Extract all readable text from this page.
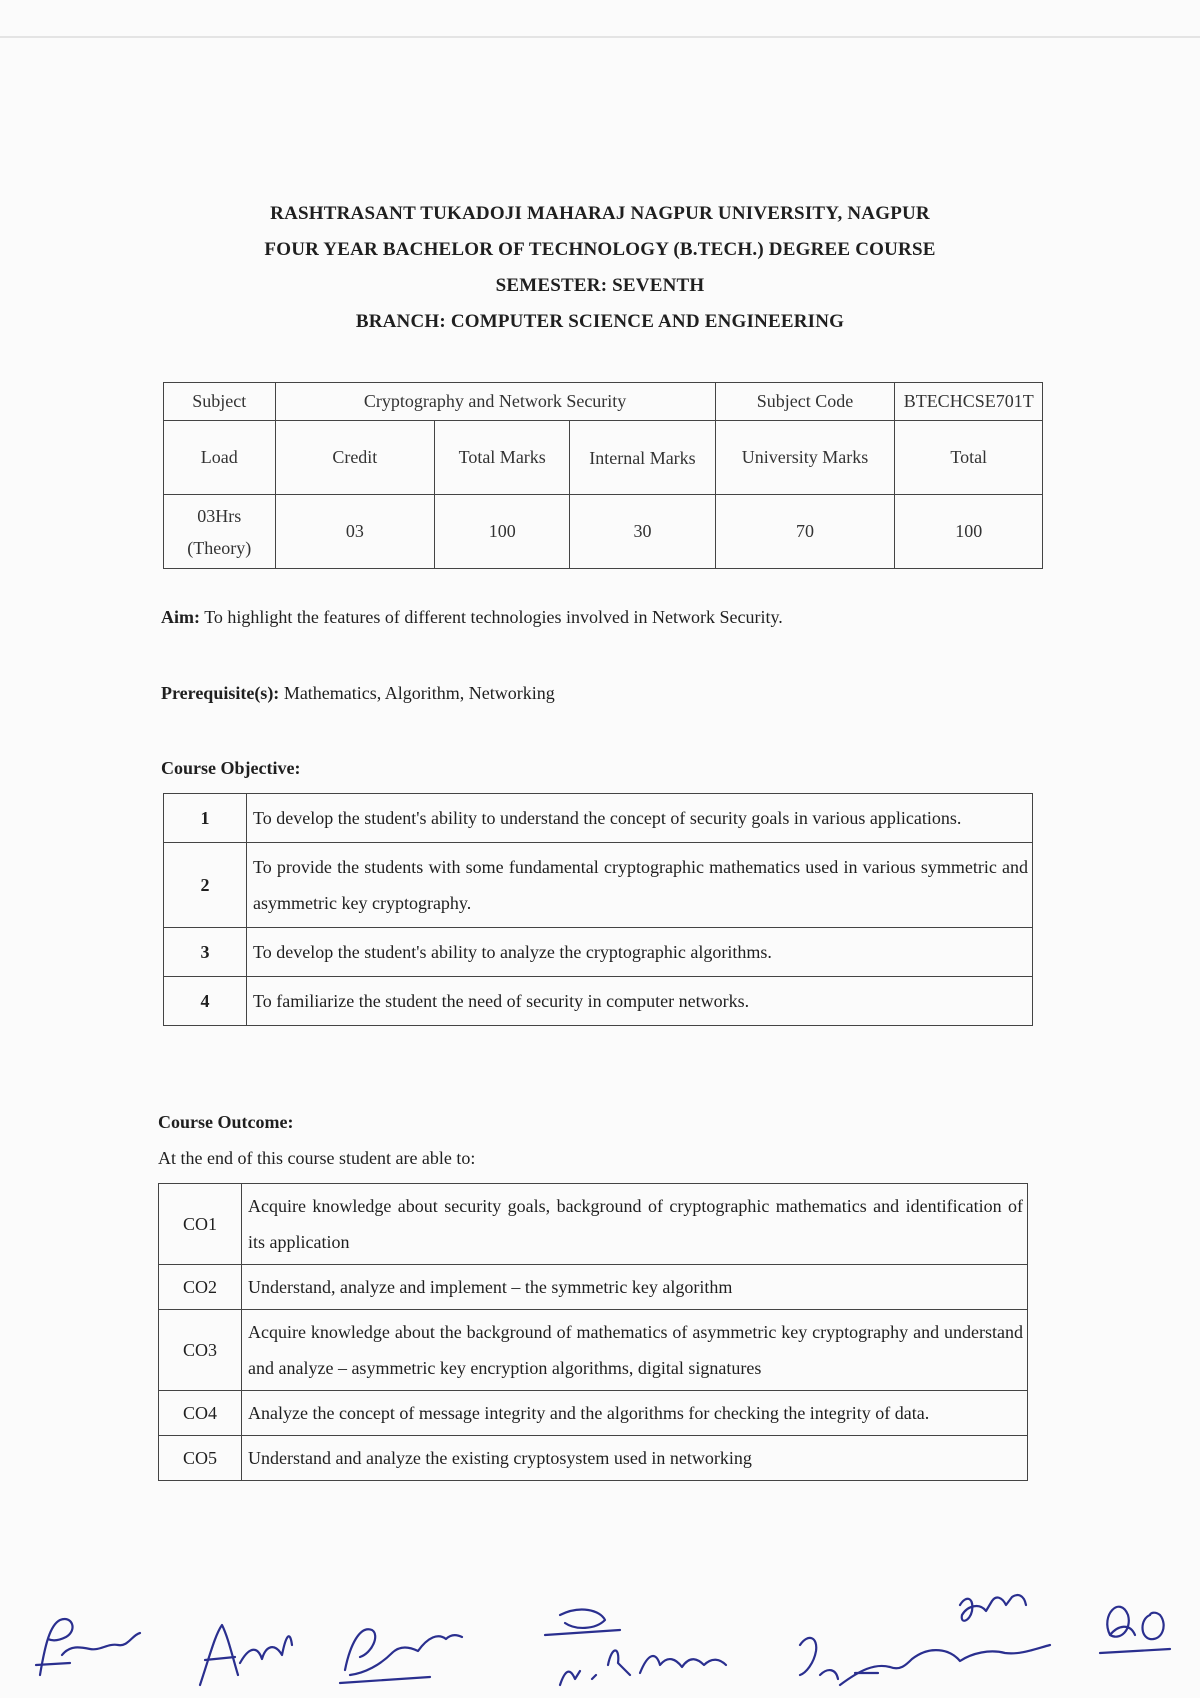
RASHTRASANT TUKADOJI MAHARAJ NAGPUR UNIVERSITY, NAGPUR
FOUR YEAR BACHELOR OF TECHNOLOGY (B.TECH.) DEGREE COURSE
SEMESTER: SEVENTH
BRANCH: COMPUTER SCIENCE AND ENGINEERING
Subject	Cryptography and Network Security			Subject Code	BTECHCSE701T
Load	Credit	Total Marks	Internal Marks	University Marks	Total
03Hrs (Theory)	03	100	30	70	100
Aim: To highlight the features of different technologies involved in Network Security.
Prerequisite(s): Mathematics, Algorithm, Networking
Course Objective:
1	To develop the student's ability to understand the concept of security goals in various applications.
2	To provide the students with some fundamental cryptographic mathematics used in various symmetric and asymmetric key cryptography.
3	To develop the student's ability to analyze the cryptographic algorithms.
4	To familiarize the student the need of security in computer networks.
Course Outcome:
At the end of this course student are able to:
CO1	Acquire knowledge about security goals, background of cryptographic mathematics and identification of its application
CO2	Understand, analyze and implement – the symmetric key algorithm
CO3	Acquire knowledge about the background of mathematics of asymmetric key cryptography and understand and analyze – asymmetric key encryption algorithms, digital signatures
CO4	Analyze the concept of message integrity and the algorithms for checking the integrity of data.
CO5	Understand and analyze the existing cryptosystem used in networking
